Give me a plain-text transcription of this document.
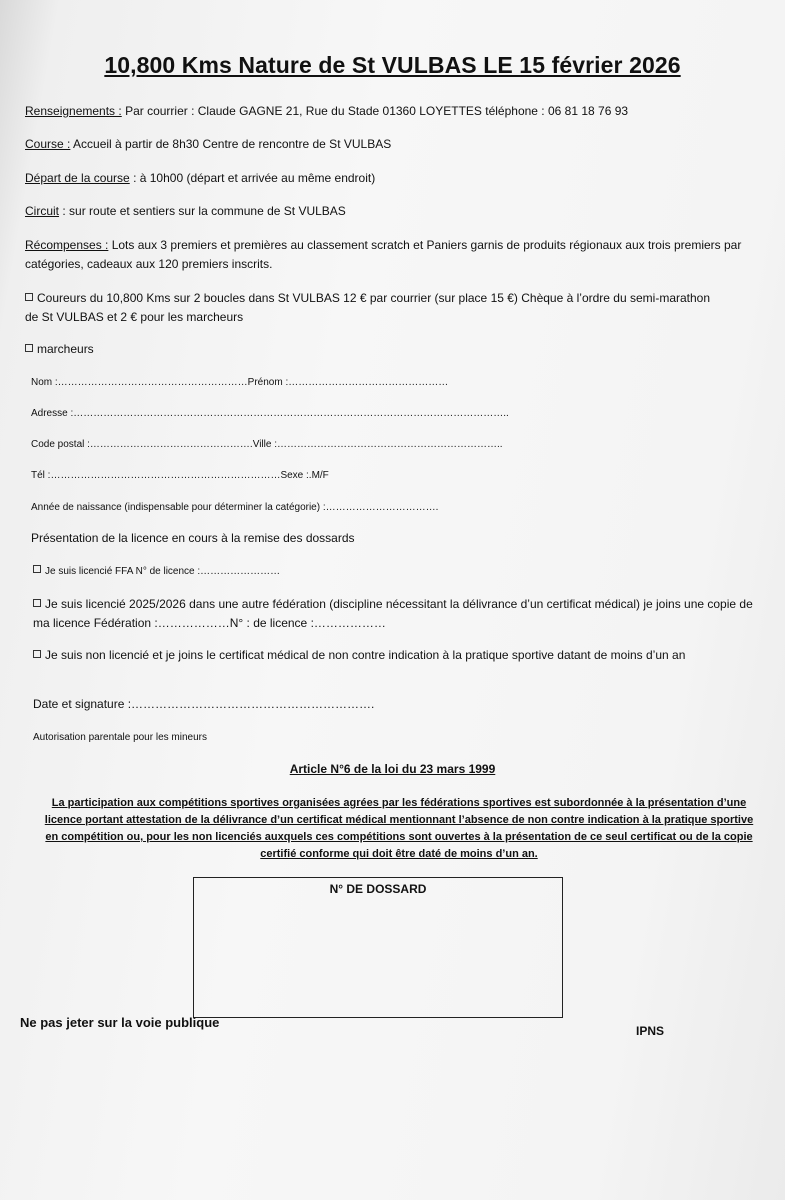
10,800 Kms Nature de St VULBAS LE 15 février 2026
Renseignements : Par courrier : Claude GAGNE 21, Rue du Stade 01360 LOYETTES téléphone : 06 81 18 76 93
Course : Accueil à partir de 8h30 Centre de rencontre de St VULBAS
Départ de la course : à 10h00 (départ et arrivée au même endroit)
Circuit : sur route et sentiers sur la commune de St VULBAS
Récompenses : Lots aux 3 premiers et premières au classement scratch et Paniers garnis de produits régionaux aux trois premiers par catégories, cadeaux aux 120 premiers inscrits.
Coureurs du 10,800 Kms sur 2 boucles dans St VULBAS 12 € par courrier (sur place 15 €) Chèque à l’ordre du semi-marathon de St VULBAS et 2 € pour les marcheurs
marcheurs
Nom :…………………………………………………Prénom :…………………………………………
Adresse :…………………………………………………………………………………………………………………..
Code postal :………………………………………….Ville :…………………………………………………………..
Tél :……………………………………………………………Sexe :.M/F
Année de naissance (indispensable pour déterminer la catégorie) :…………………………….
Présentation de la licence en cours à la remise des dossards
Je suis licencié FFA N° de licence :……………………
Je suis licencié 2025/2026 dans une autre fédération (discipline nécessitant la délivrance d’un certificat médical) je joins une copie de ma licence Fédération :………………N° : de licence :………………
Je suis non licencié et je joins le certificat médical de non contre indication à la pratique sportive datant de moins d’un an
Date et signature :…………………………………………………….
Autorisation parentale pour les mineurs
Article N°6 de la loi du 23 mars 1999
La participation aux compétitions sportives organisées agrées par les fédérations sportives est subordonnée à la présentation d’une licence portant attestation de la délivrance d’un certificat médical mentionnant l’absence de non contre indication à la pratique sportive en compétition ou, pour les non licenciés auxquels ces compétitions sont ouvertes à la présentation de ce seul certificat ou de la copie certifié conforme qui doit être daté de moins d’un an.
N° DE DOSSARD
Ne pas jeter sur la voie publique
IPNS
